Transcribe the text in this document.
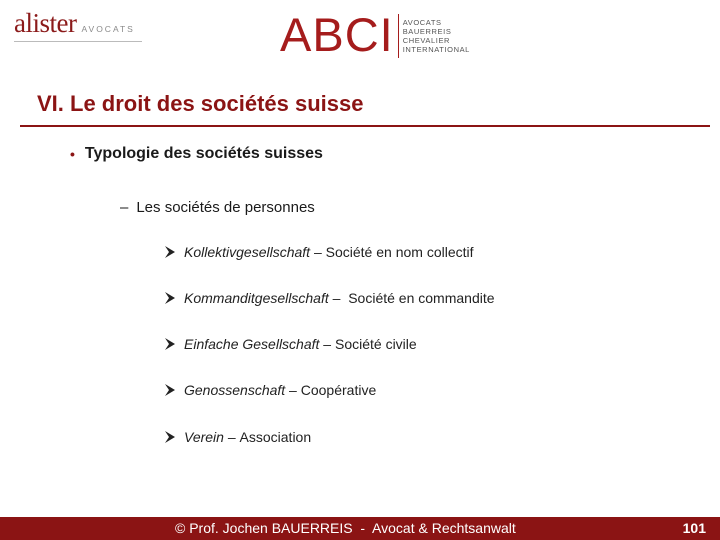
alister AVOCATS	ABCI AVOCATS
BAUERREIS
CHEVALIER
INTERNATIONAL
VI. Le droit des sociétés suisse
• Typologie des sociétés suisses
– Les sociétés de personnes
Kollektivgesellschaft – Société en nom collectif
Kommanditgesellschaft – Société en commandite
Einfache Gesellschaft – Société civile
Genossenschaft – Coopérative
Verein – Association
© Prof. Jochen BAUERREIS  -  Avocat & Rechtsanwalt	101
